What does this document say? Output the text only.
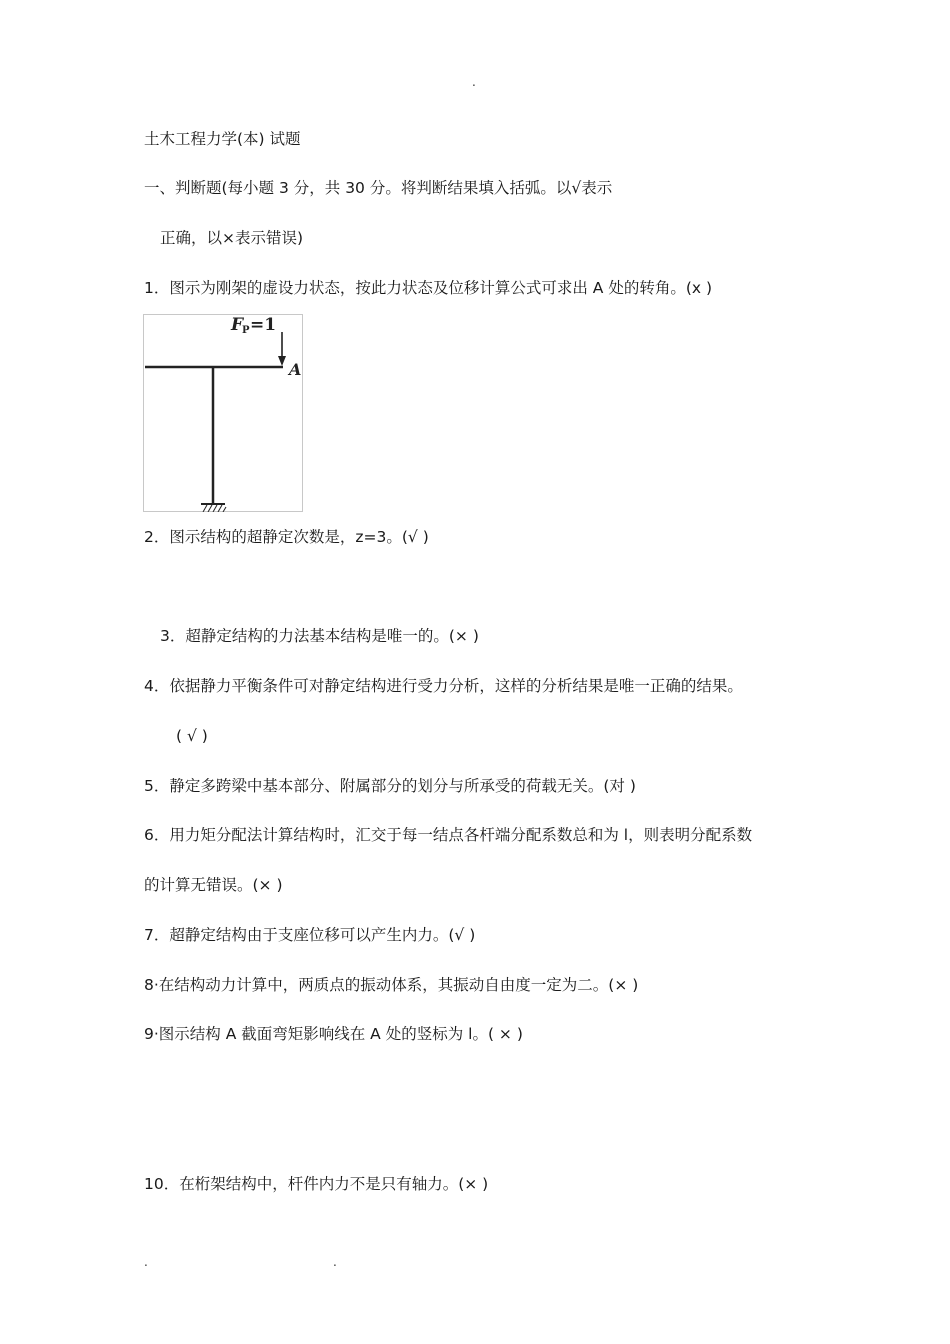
.
土木工程力学(本) 试题
一、判断题(每小题 3 分，共 30 分。将判断结果填入括弧。以√表示
正确，以×表示错误)
1．图示为刚架的虚设力状态，按此力状态及位移计算公式可求出 A 处的转角。(x )
F
P =1
A
2．图示结构的超静定次数是，z=3。(√ )
3．超静定结构的力法基本结构是唯一的。(× )
4．依据静力平衡条件可对静定结构进行受力分析，这样的分析结果是唯一正确的结果。
( √ )
5．静定多跨梁中基本部分、附属部分的划分与所承受的荷载无关。(对 )
6．用力矩分配法计算结构时，汇交于每一结点各杆端分配系数总和为 l，则表明分配系数
的计算无错误。(× )
7．超静定结构由于支座位移可以产生内力。(√ )
8·在结构动力计算中，两质点的振动体系，其振动自由度一定为二。(× )
9·图示结构 A 截面弯矩影响线在 A 处的竖标为 l。( × )
10．在桁架结构中，杆件内力不是只有轴力。(× )
.	.
